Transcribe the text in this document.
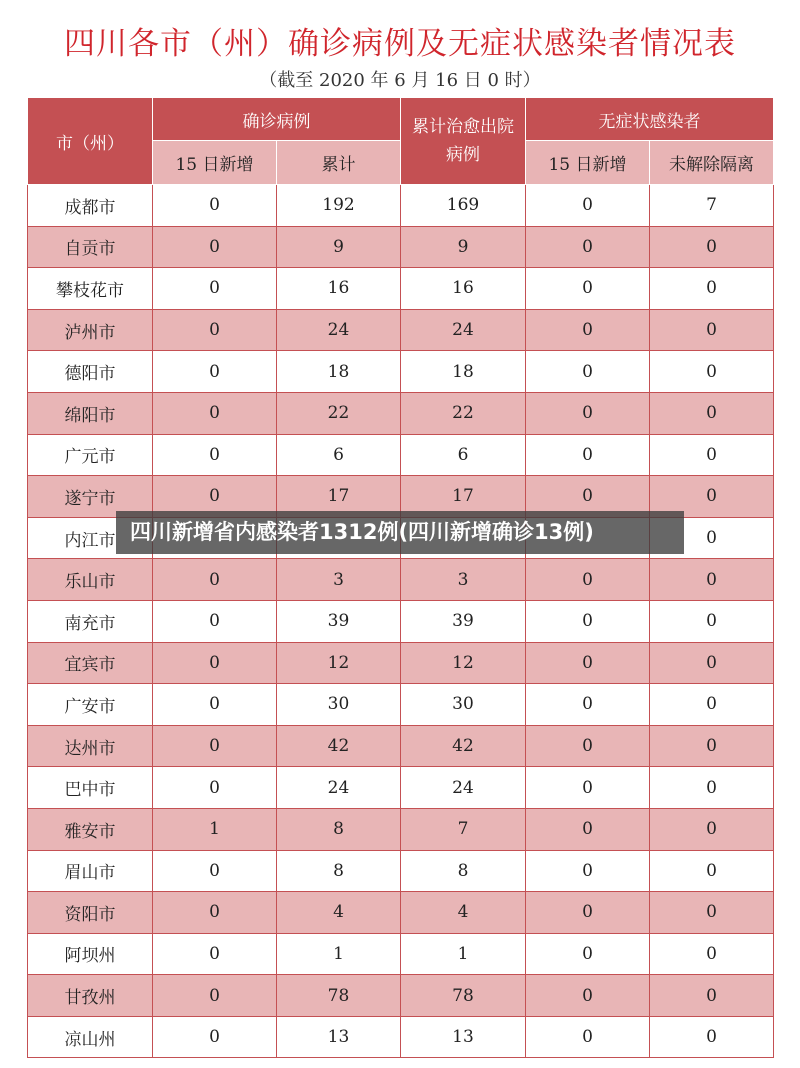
四川各市（州）确诊病例及无症状感染者情况表
（截至 2020 年 6 月 16 日 0 时）
市（州）	确诊病例		累计治愈出院病例	无症状感染者	
	15 日新增	累计		15 日新增	未解除隔离
成都市	0	192	169	0	7
自贡市	0	9	9	0	0
攀枝花市	0	16	16	0	0
泸州市	0	24	24	0	0
德阳市	0	18	18	0	0
绵阳市	0	22	22	0	0
广元市	0	6	6	0	0
遂宁市	0	17	17	0	0
内江市					0
乐山市	0	3	3	0	0
南充市	0	39	39	0	0
宜宾市	0	12	12	0	0
广安市	0	30	30	0	0
达州市	0	42	42	0	0
巴中市	0	24	24	0	0
雅安市	1	8	7	0	0
眉山市	0	8	8	0	0
资阳市	0	4	4	0	0
阿坝州	0	1	1	0	0
甘孜州	0	78	78	0	0
凉山州	0	13	13	0	0
四川新增省内感染者1312例(四川新增确诊13例)
